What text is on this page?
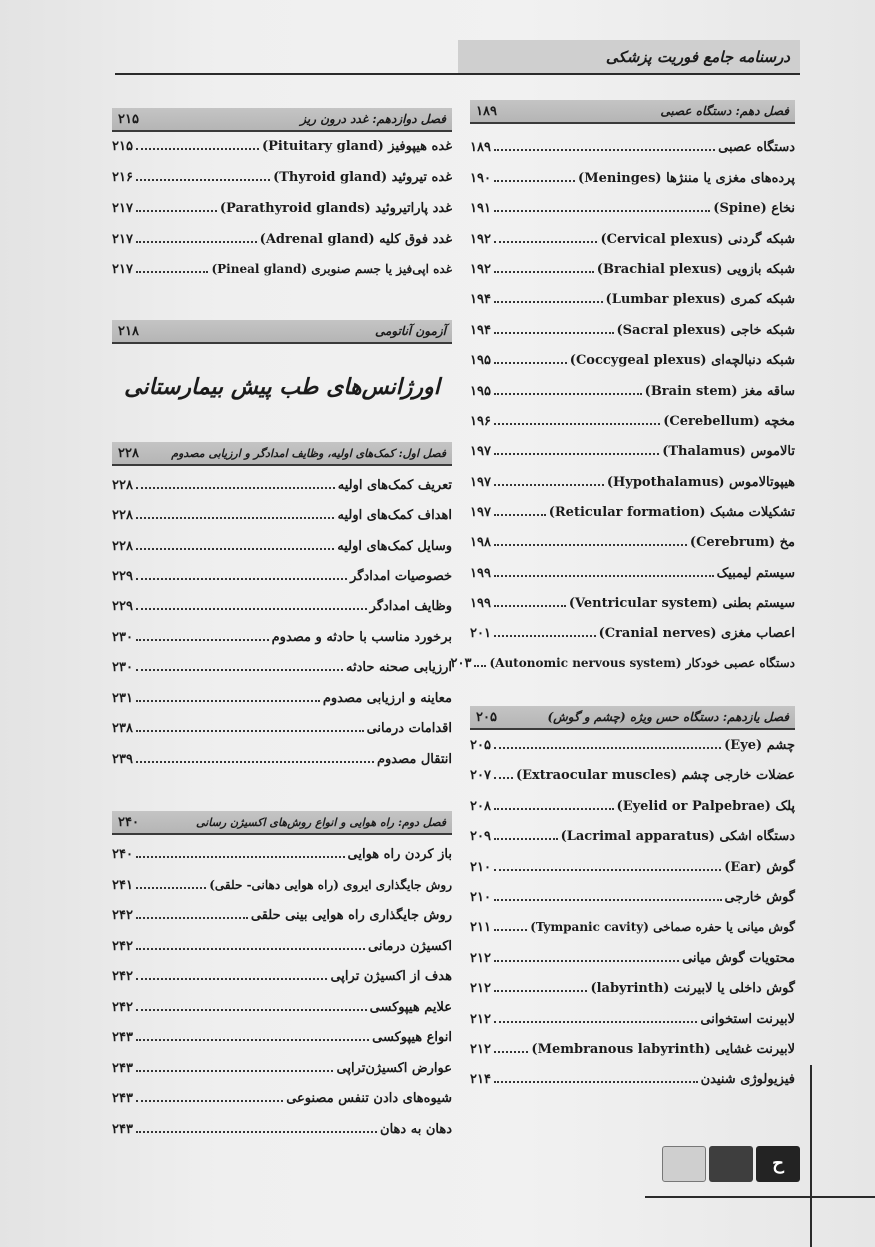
درسنامه جامع فوریت پزشکی
فصل دهم: دستگاه عصبی
۱۸۹
دستگاه عصبی
۱۸۹
پرده‌های مغزی یا مننژها (Meninges)
۱۹۰
نخاع (Spine)
۱۹۱
شبکه گردنی (Cervical plexus)
۱۹۲
شبکه بازویی (Brachial plexus)
۱۹۲
شبکه کمری (Lumbar plexus)
۱۹۴
شبکه خاجی (Sacral plexus)
۱۹۴
شبکه دنبالچه‌ای (Coccygeal plexus)
۱۹۵
ساقه مغز (Brain stem)
۱۹۵
مخچه (Cerebellum)
۱۹۶
تالاموس (Thalamus)
۱۹۷
هیپوتالاموس (Hypothalamus)
۱۹۷
تشکیلات مشبک (Reticular formation)
۱۹۷
مخ (Cerebrum)
۱۹۸
سیستم لیمبیک
۱۹۹
سیستم بطنی (Ventricular system)
۱۹۹
اعصاب مغزی (Cranial nerves)
۲۰۱
دستگاه عصبی خودکار (Autonomic nervous system)
۲۰۳
فصل یازدهم: دستگاه حس ویژه (چشم و گوش)
۲۰۵
چشم (Eye)
۲۰۵
عضلات خارجی چشم (Extraocular muscles)
۲۰۷
پلک (Eyelid or Palpebrae)
۲۰۸
دستگاه اشکی (Lacrimal apparatus)
۲۰۹
گوش (Ear)
۲۱۰
گوش خارجی
۲۱۰
گوش میانی یا حفره صماخی (Tympanic cavity)
۲۱۱
محتویات گوش میانی
۲۱۲
گوش داخلی یا لابیرنت (labyrinth)
۲۱۲
لابیرنت استخوانی
۲۱۲
لابیرنت غشایی (Membranous labyrinth)
۲۱۲
فیزیولوژی شنیدن
۲۱۴
فصل دوازدهم: غدد درون ریز
۲۱۵
غده هیپوفیز (Pituitary gland)
۲۱۵
غده تیروئید (Thyroid gland)
۲۱۶
غدد پاراتیروئید (Parathyroid glands)
۲۱۷
غدد فوق کلیه (Adrenal gland)
۲۱۷
غده اپی‌فیز یا جسم صنوبری (Pineal gland)
۲۱۷
آزمون آناتومی
۲۱۸
اورژانس‌های طب پیش بیمارستانی
فصل اول: کمک‌های اولیه، وظایف امدادگر و ارزیابی مصدوم
۲۲۸
تعریف کمک‌های اولیه
۲۲۸
اهداف کمک‌های اولیه
۲۲۸
وسایل کمک‌های اولیه
۲۲۸
خصوصیات امدادگر
۲۲۹
وظایف امدادگر
۲۲۹
برخورد مناسب با حادثه و مصدوم
۲۳۰
ارزیابی صحنه حادثه
۲۳۰
معاینه و ارزیابی مصدوم
۲۳۱
اقدامات درمانی
۲۳۸
انتقال مصدوم
۲۳۹
فصل دوم: راه هوایی و انواع روش‌های اکسیژن رسانی
۲۴۰
باز کردن راه هوایی
۲۴۰
روش جایگذاری ایروی (راه هوایی دهانی- حلقی)
۲۴۱
روش جایگذاری راه هوایی بینی حلقی
۲۴۲
اکسیژن درمانی
۲۴۲
هدف از اکسیژن تراپی
۲۴۲
علایم هیپوکسی
۲۴۲
انواع هیپوکسی
۲۴۳
عوارض اکسیژن‌تراپی
۲۴۳
شیوه‌های دادن تنفس مصنوعی
۲۴۳
دهان به دهان
۲۴۳
ح
